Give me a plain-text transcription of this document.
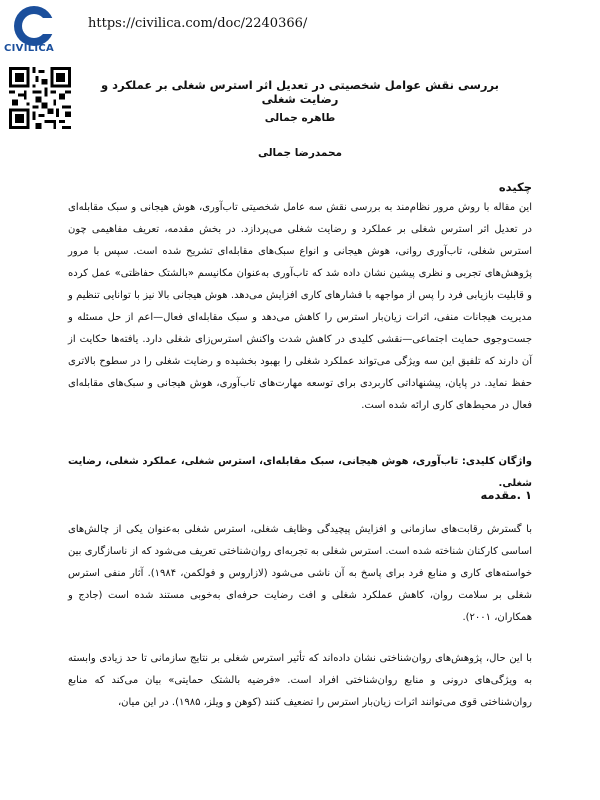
CIVILICA
https://civilica.com/doc/2240366/
بررسی نقش عوامل شخصیتی در تعدیل اثر استرس شغلی بر عملکرد و رضایت شغلی
طاهره جمالی
محمدرضا جمالی
چکیده
این مقاله با روش مرور نظام‌مند به بررسی نقش سه عامل شخصیتی تاب‌آوری، هوش هیجانی و سبک مقابله‌ای در تعدیل اثر استرس شغلی بر عملکرد و رضایت شغلی می‌پردازد. در بخش مقدمه، تعریف مفاهیمی چون استرس شغلی، تاب‌آوری روانی، هوش هیجانی و انواع سبک‌های مقابله‌ای تشریح شده است. سپس با مرور پژوهش‌های تجربی و نظری پیشین نشان داده شد که تاب‌آوری به‌عنوان مکانیسم «بالشتک حفاظتی» عمل کرده و قابلیت بازیابی فرد را پس از مواجهه با فشارهای کاری افزایش می‌دهد. هوش هیجانی بالا نیز با توانایی تنظیم و مدیریت هیجانات منفی، اثرات زیان‌بار استرس را کاهش می‌دهد و سبک مقابله‌ای فعال—اعم از حل مسئله و جست‌وجوی حمایت اجتماعی—نقشی کلیدی در کاهش شدت واکنش استرس‌زای شغلی دارد. یافته‌ها حکایت از آن دارند که تلفیق این سه ویژگی می‌تواند عملکرد شغلی را بهبود بخشیده و رضایت شغلی را در سطوح بالاتری حفظ نماید. در پایان، پیشنهاداتی کاربردی برای توسعه مهارت‌های تاب‌آوری، هوش هیجانی و سبک‌های مقابله‌ای فعال در محیط‌های کاری ارائه شده است.
واژگان کلیدی: تاب‌آوری، هوش هیجانی، سبک مقابله‌ای، استرس شغلی، عملکرد شغلی، رضایت شغلی.
۱ .مقدمه
با گسترش رقابت‌های سازمانی و افزایش پیچیدگی وظایف شغلی، استرس شغلی به‌عنوان یکی از چالش‌های اساسی کارکنان شناخته شده است. استرس شغلی به تجربه‌ای روان‌شناختی تعریف می‌شود که از ناسازگاری بین خواسته‌های کاری و منابع فرد برای پاسخ به آن ناشی می‌شود (لازاروس و فولکمن، ۱۹۸۴). آثار منفی استرس شغلی بر سلامت روان، کاهش عملکرد شغلی و افت رضایت حرفه‌ای به‌خوبی مستند شده است (جادج و همکاران، ۲۰۰۱).
با این حال، پژوهش‌های روان‌شناختی نشان داده‌اند که تأثیر استرس شغلی بر نتایج سازمانی تا حد زیادی وابسته به ویژگی‌های درونی و منابع روان‌شناختی افراد است. «فرضیه بالشتک حمایتی» بیان می‌کند که منابع روان‌شناختی قوی می‌توانند اثرات زیان‌بار استرس را تضعیف کنند (کوهن و ویلز، ۱۹۸۵). در این میان،
